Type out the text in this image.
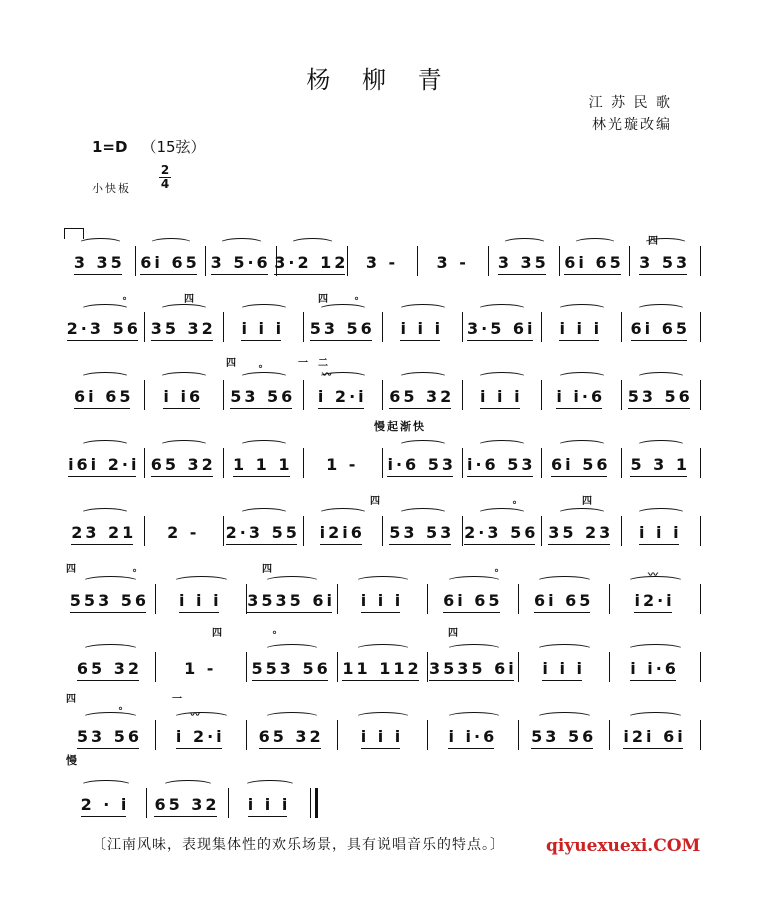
杨 柳 青
江 苏 民 歌
林光璇改编
1=D （15弦）
小快板
2
4
3 35 6i 65 3 5·6 3·2 12 3 - 3 - 3 35 6i 65 3 53
2·3 56 35 32 i i i 53 56 i i i 3·5 6i i i i 6i 65
6i 65 i i6 53 56 i 2·i 65 32 i i i i i·6 53 56
i6i 2·i 65 32 1 1 1 1 - i·6 53 i·6 53 6i 56 5 3 1
23 21 2 - 2·3 55 i2i6 53 53 2·3 56 35 23 i i i
553 56 i i i 3535 6i i i i 6i 65 6i 65	i2·i
65 32	1 - 553 56 11 112 3535 6i i i i	i i·6
53 56 i 2·i 65 32 i i i	i i·6 53 56 i2i 6i
2 · i 65 32 i i i
慢起渐快
慢
〔江南风味，表现集体性的欢乐场景，具有说唱音乐的特点。〕 qiyuexuexi.COM
四
四	四
°	°
四	一 二
°
〰
四	°	四
四	四
°	°	〰
四	°	四
四	一
°	〰
